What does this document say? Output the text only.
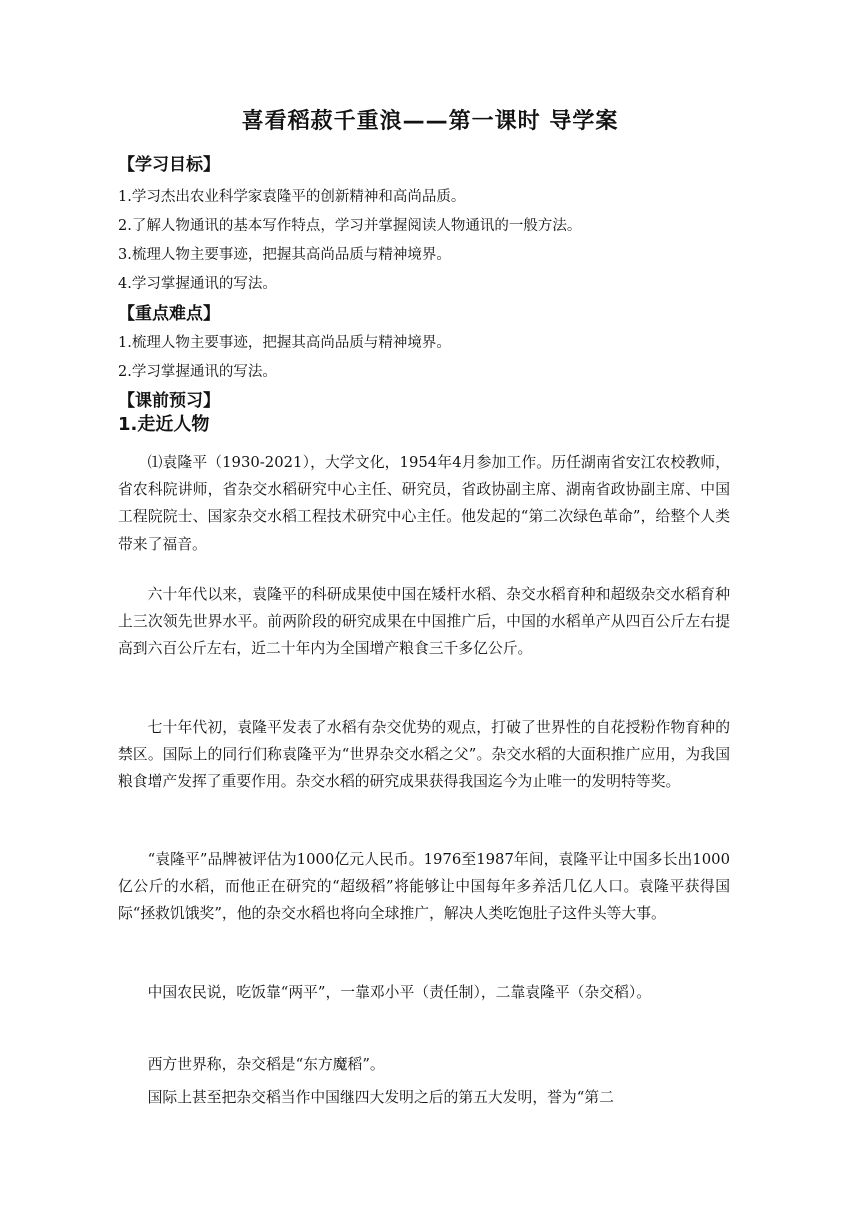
喜看稻菽千重浪——第一课时 导学案
【学习目标】
1.学习杰出农业科学家袁隆平的创新精神和高尚品质。
2.了解人物通讯的基本写作特点，学习并掌握阅读人物通讯的一般方法。
3.梳理人物主要事迹，把握其高尚品质与精神境界。
4.学习掌握通讯的写法。
【重点难点】
1.梳理人物主要事迹，把握其高尚品质与精神境界。
2.学习掌握通讯的写法。
【课前预习】
1.走近人物
⑴袁隆平（1930-2021），大学文化，1954年4月参加工作。历任湖南省安江农校教师，省农科院讲师，省杂交水稻研究中心主任、研究员，省政协副主席、湖南省政协副主席、中国工程院院士、国家杂交水稻工程技术研究中心主任。他发起的“第二次绿色革命”，给整个人类带来了福音。
六十年代以来，袁隆平的科研成果使中国在矮杆水稻、杂交水稻育种和超级杂交水稻育种上三次领先世界水平。前两阶段的研究成果在中国推广后，中国的水稻单产从四百公斤左右提高到六百公斤左右，近二十年内为全国增产粮食三千多亿公斤。
七十年代初，袁隆平发表了水稻有杂交优势的观点，打破了世界性的自花授粉作物育种的禁区。国际上的同行们称袁隆平为“世界杂交水稻之父”。杂交水稻的大面积推广应用，为我国粮食增产发挥了重要作用。杂交水稻的研究成果获得我国迄今为止唯一的发明特等奖。
“袁隆平”品牌被评估为1000亿元人民币。1976至1987年间，袁隆平让中国多长出1000亿公斤的水稻，而他正在研究的“超级稻”将能够让中国每年多养活几亿人口。袁隆平获得国际“拯救饥饿奖”，他的杂交水稻也将向全球推广，解决人类吃饱肚子这件头等大事。
中国农民说，吃饭靠“两平”，一靠邓小平（责任制），二靠袁隆平（杂交稻）。
西方世界称，杂交稻是“东方魔稻”。
国际上甚至把杂交稻当作中国继四大发明之后的第五大发明，誉为“第二
